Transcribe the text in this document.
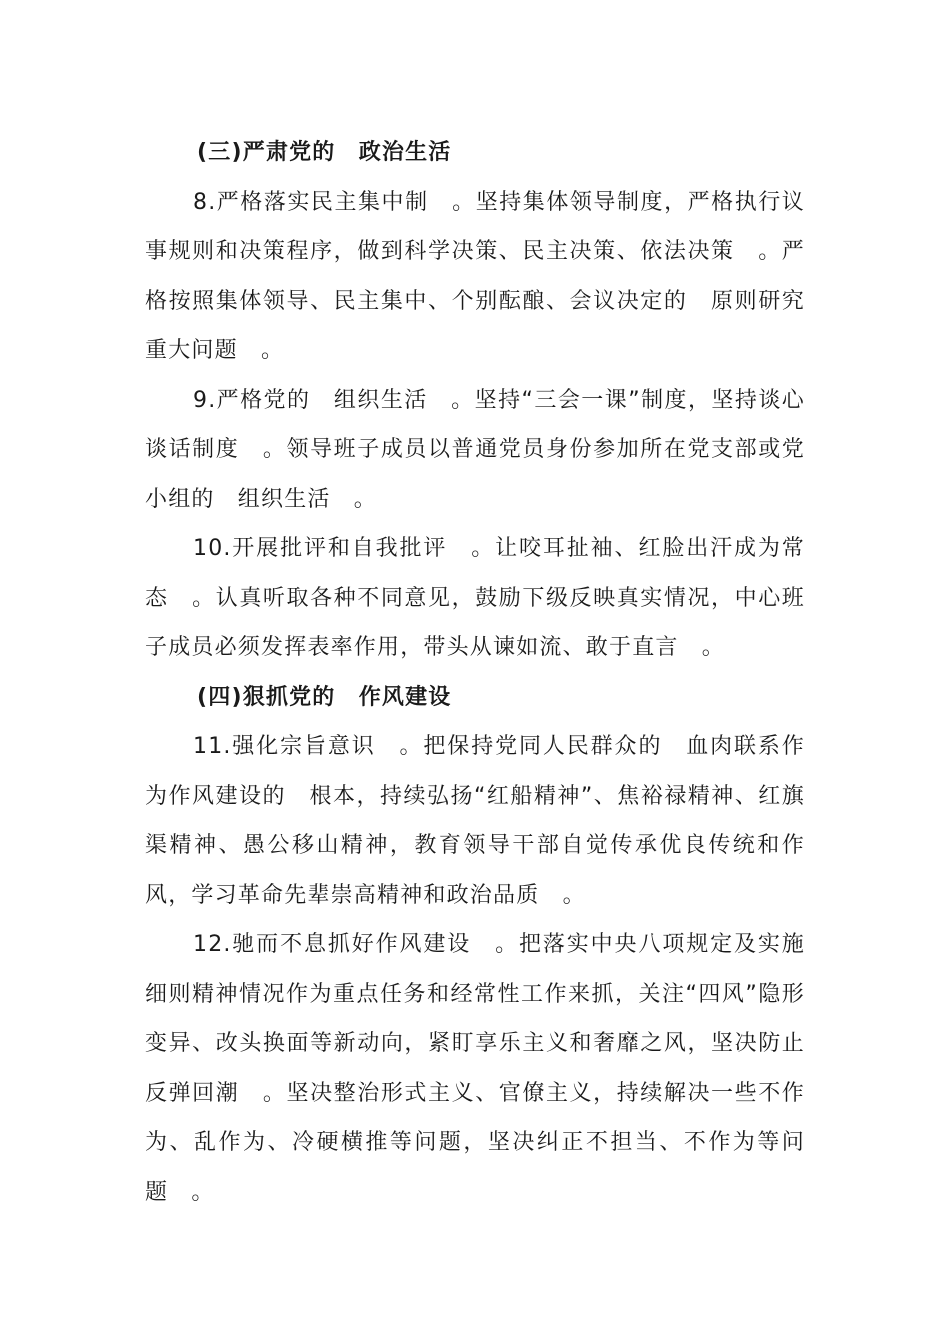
(三)严肃党的　政治生活

8.严格落实民主集中制　。坚持集体领导制度，严格执行议事规则和决策程序，做到科学决策、民主决策、依法决策　。严格按照集体领导、民主集中、个别酝酿、会议决定的　原则研究重大问题　。

9.严格党的　组织生活　。坚持“三会一课”制度，坚持谈心谈话制度　。领导班子成员以普通党员身份参加所在党支部或党小组的　组织生活　。

10.开展批评和自我批评　。让咬耳扯袖、红脸出汗成为常态　。认真听取各种不同意见，鼓励下级反映真实情况，中心班子成员必须发挥表率作用，带头从谏如流、敢于直言　。

(四)狠抓党的　作风建设

11.强化宗旨意识　。把保持党同人民群众的　血肉联系作为作风建设的　根本，持续弘扬“红船精神”、焦裕禄精神、红旗渠精神、愚公移山精神，教育领导干部自觉传承优良传统和作风，学习革命先辈崇高精神和政治品质　。

12.驰而不息抓好作风建设　。把落实中央八项规定及实施细则精神情况作为重点任务和经常性工作来抓，关注“四风”隐形变异、改头换面等新动向，紧盯享乐主义和奢靡之风，坚决防止反弹回潮　。坚决整治形式主义、官僚主义，持续解决一些不作为、乱作为、冷硬横推等问题，坚决纠正不担当、不作为等问题　。
